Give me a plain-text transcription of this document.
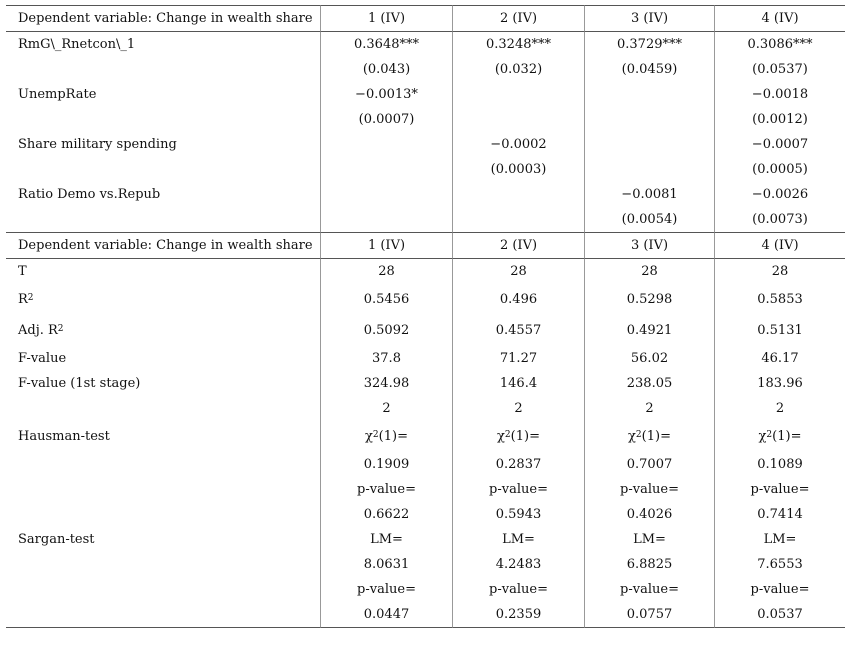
Dependent variable: Change in wealth share	1 (IV)	2 (IV)	3 (IV)	4 (IV)
RmG\_Rnetcon\_1	0.3648***	0.3248***	0.3729***	0.3086***
	(0.043)	(0.032)	(0.0459)	(0.0537)
UnempRate	−0.0013*			−0.0018
	(0.0007)			(0.0012)
Share military spending		−0.0002		−0.0007
		(0.0003)		(0.0005)
Ratio Demo vs.Repub			−0.0081	−0.0026
			(0.0054)	(0.0073)
Dependent variable: Change in wealth share	1 (IV)	2 (IV)	3 (IV)	4 (IV)
T	28	28	28	28
$R^2$	0.5456	0.496	0.5298	0.5853
Adj. $R^2$	0.5092	0.4557	0.4921	0.5131
F-value	37.8	71.27	56.02	46.17
F-value (1st stage)	324.98	146.4	238.05	183.96
	2	2	2	2
Hausman-test	$\chi^2(1)=$	$\chi^2(1)=$	$\chi^2(1)=$	$\chi^2(1)=$
	0.1909	0.2837	0.7007	0.1089
	p-value=	p-value=	p-value=	p-value=
	0.6622	0.5943	0.4026	0.7414
Sargan-test	LM=	LM=	LM=	LM=
	8.0631	4.2483	6.8825	7.6553
	p-value=	p-value=	p-value=	p-value=
	0.0447	0.2359	0.0757	0.0537
